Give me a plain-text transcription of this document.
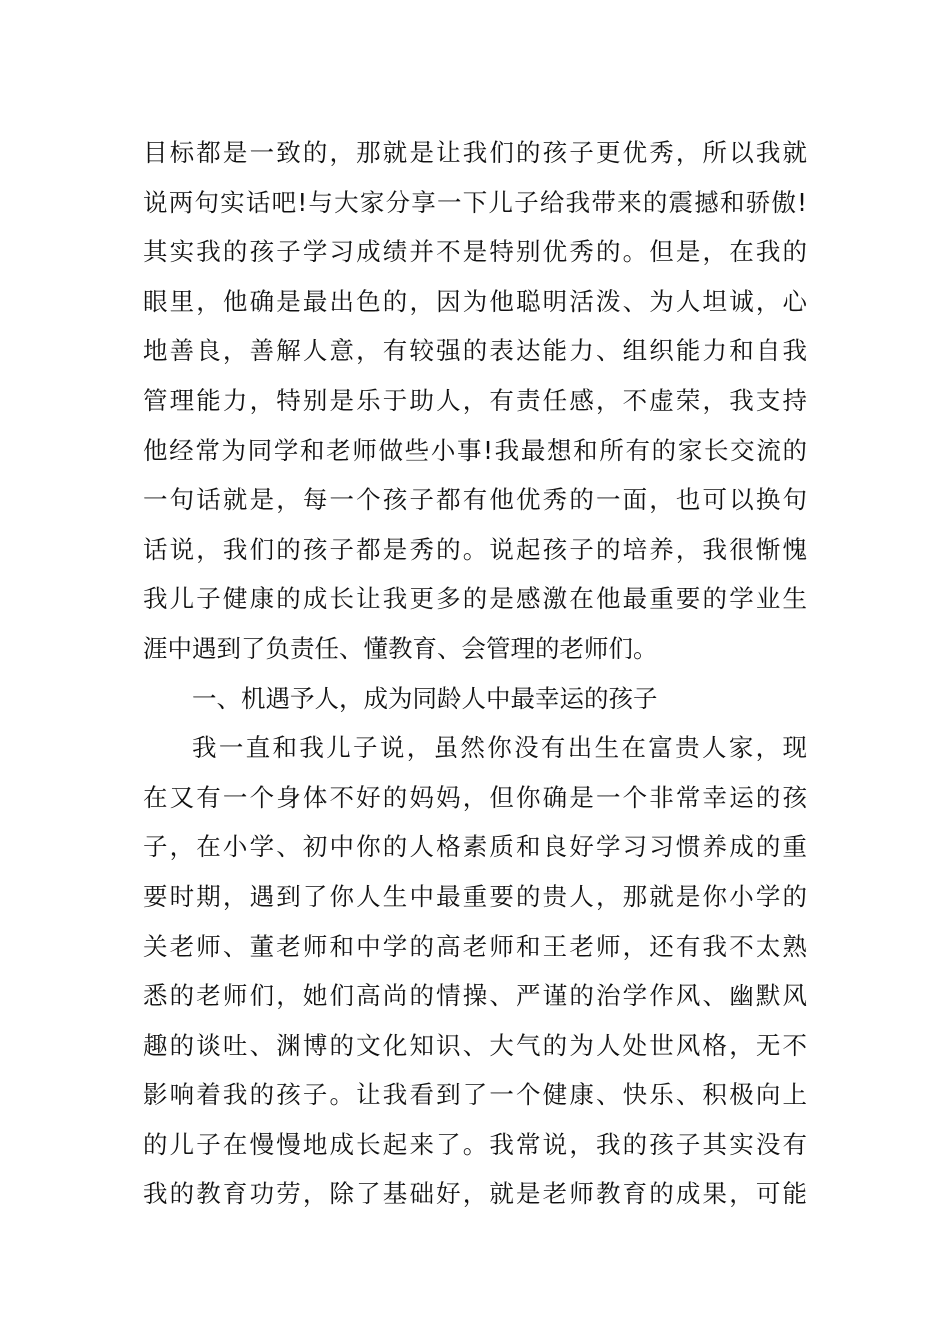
目标都是一致的，那就是让我们的孩子更优秀，所以我就
说两句实话吧!与大家分享一下儿子给我带来的震撼和骄傲!
其实我的孩子学习成绩并不是特别优秀的。但是，在我的
眼里，他确是最出色的，因为他聪明活泼、为人坦诚，心
地善良，善解人意，有较强的表达能力、组织能力和自我
管理能力，特别是乐于助人，有责任感，不虚荣，我支持
他经常为同学和老师做些小事!我最想和所有的家长交流的
一句话就是，每一个孩子都有他优秀的一面，也可以换句
话说，我们的孩子都是秀的。说起孩子的培养，我很惭愧
我儿子健康的成长让我更多的是感激在他最重要的学业生
涯中遇到了负责任、懂教育、会管理的老师们。
一、机遇予人，成为同龄人中最幸运的孩子
我一直和我儿子说，虽然你没有出生在富贵人家，现
在又有一个身体不好的妈妈，但你确是一个非常幸运的孩
子，在小学、初中你的人格素质和良好学习习惯养成的重
要时期，遇到了你人生中最重要的贵人，那就是你小学的
关老师、董老师和中学的高老师和王老师，还有我不太熟
悉的老师们，她们高尚的情操、严谨的治学作风、幽默风
趣的谈吐、渊博的文化知识、大气的为人处世风格，无不
影响着我的孩子。让我看到了一个健康、快乐、积极向上
的儿子在慢慢地成长起来了。我常说，我的孩子其实没有
我的教育功劳，除了基础好，就是老师教育的成果，可能
